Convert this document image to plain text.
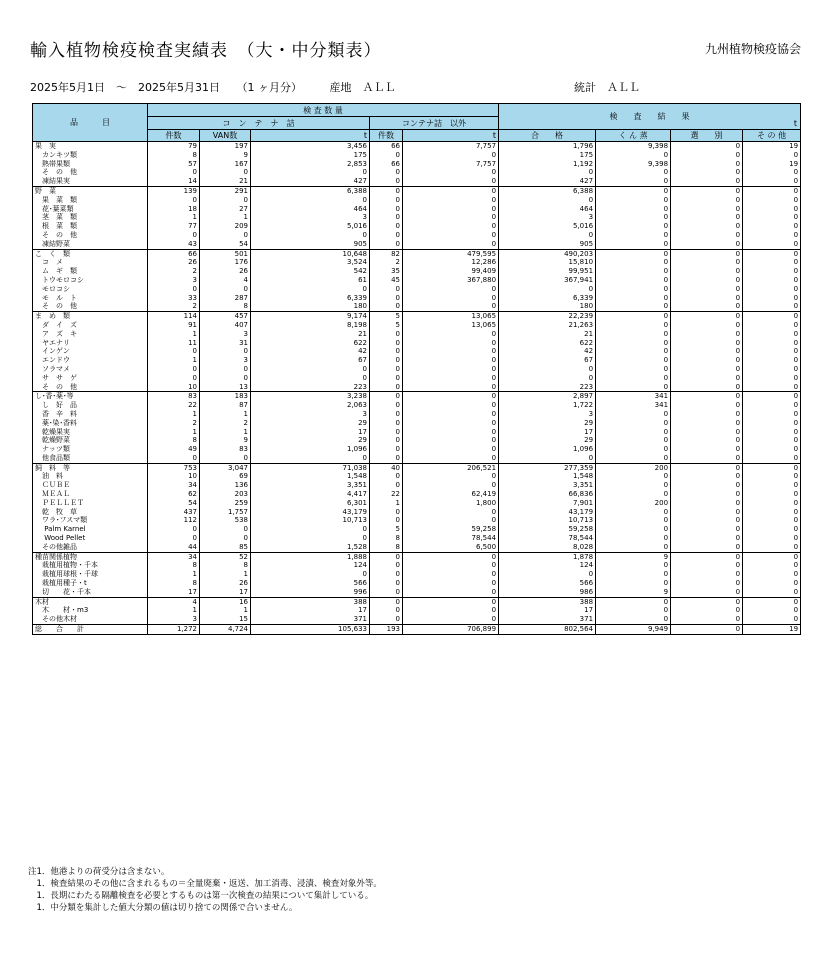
輸入植物検疫検査実績表　（大・中分類表）	九州植物検疫協会
2025年5月1日　～　2025年5月31日　　（1 ヶ月分）　　　産地　ＡＬＬ	統計　ＡＬＬ
品　　　目	検 査 数 量					検　　査　　結　　果
t			

	コ　ン　テ　ナ　詰			コンテナ詰　以外					
	件数	VAN数	t	件数	t	合　　格	く ん 蒸	選　　別	そ の 他
果　実	79	197	3,456	66	7,757	1,796	9,398	0	19
　カンキツ類	8	9	175	0	0	175	0	0	0
　熱帯果類	57	167	2,853	66	7,757	1,192	9,398	0	19
　そ　の　他	0	0	0	0	0	0	0	0	0
　凍結果実	14	21	427	0	0	427	0	0	0
野　菜	139	291	6,388	0	0	6,388	0	0	0
　果　菜　類	0	0	0	0	0	0	0	0	0
　花･葉菜類	18	27	464	0	0	464	0	0	0
　茎　菜　類	1	1	3	0	0	3	0	0	0
　根　菜　類	77	209	5,016	0	0	5,016	0	0	0
　そ　の　他	0	0	0	0	0	0	0	0	0
　凍結野菜	43	54	905	0	0	905	0	0	0
こ　く　類	66	501	10,648	82	479,595	490,203	0	0	0
　コ　メ	26	176	3,524	2	12,286	15,810	0	0	0
　ム　ギ　類	2	26	542	35	99,409	99,951	0	0	0
　トウモロコシ	3	4	61	45	367,880	367,941	0	0	0
　モロコシ	0	0	0	0	0	0	0	0	0
　モ　ル　ト	33	287	6,339	0	0	6,339	0	0	0
　そ　の　他	2	8	180	0	0	180	0	0	0
ま　め　類	114	457	9,174	5	13,065	22,239	0	0	0
　ダ　イ　ズ	91	407	8,198	5	13,065	21,263	0	0	0
　ア　ズ　キ	1	3	21	0	0	21	0	0	0
　ヤエナリ	11	31	622	0	0	622	0	0	0
　インゲン	0	0	42	0	0	42	0	0	0
　エンドウ	1	3	67	0	0	67	0	0	0
　ソラマメ	0	0	0	0	0	0	0	0	0
　サ　サ　ゲ	0	0	0	0	0	0	0	0	0
　そ　の　他	10	13	223	0	0	223	0	0	0
し･香･薬･等	83	183	3,238	0	0	2,897	341	0	0
　し　好　品	22	87	2,063	0	0	1,722	341	0	0
　香　辛　料	1	1	3	0	0	3	0	0	0
　薬･染･香料	2	2	29	0	0	29	0	0	0
　乾燥果実	1	1	17	0	0	17	0	0	0
　乾燥野菜	8	9	29	0	0	29	0	0	0
　ナッツ類	49	83	1,096	0	0	1,096	0	0	0
　他食品類	0	0	0	0	0	0	0	0	0
飼　料　等	753	3,047	71,038	40	206,521	277,359	200	0	0
　油　料	10	69	1,548	0	0	1,548	0	0	0
　ＣＵＢＥ	34	136	3,351	0	0	3,351	0	0	0
　ＭＥＡＬ	62	203	4,417	22	62,419	66,836	0	0	0
　ＰＥＬＬＥＴ	54	259	6,301	1	1,800	7,901	200	0	0
　乾　牧　草	437	1,757	43,179	0	0	43,179	0	0	0
　ワラ･フスマ類	112	538	10,713	0	0	10,713	0	0	0
　 Palm Karnel	0	0	0	5	59,258	59,258	0	0	0
　 Wood Pellet	0	0	0	8	78,544	78,544	0	0	0
　その他雑品	44	85	1,528	8	6,500	8,028	0	0	0
種苗関係植物	34	52	1,888	0	0	1,878	9	0	0
　栽植用植物・千本	8	8	124	0	0	124	0	0	0
　栽植用球根・千球	1	1	0	0	0	0	0	0	0
　栽植用種子・t	8	26	566	0	0	566	0	0	0
　切　　花・千本	17	17	996	0	0	986	9	0	0
木材	4	16	388	0	0	388	0	0	0
　木　　材・m3	1	1	17	0	0	17	0	0	0
　その他木材	3	15	371	0	0	371	0	0	0
総　　合　　計	1,272	4,724	105,633	193	706,899	802,564	9,949	0	19
注1．他港よりの荷受分は含まない。
　1．検査結果のその他に含まれるもの＝全量廃棄・返送、加工消毒、浸漬、検査対象外等。
　1．長期にわたる隔離検査を必要とするものは第一次検査の結果について集計している。
　1．中分類を集計した値大分類の値は切り捨ての関係で合いません。
